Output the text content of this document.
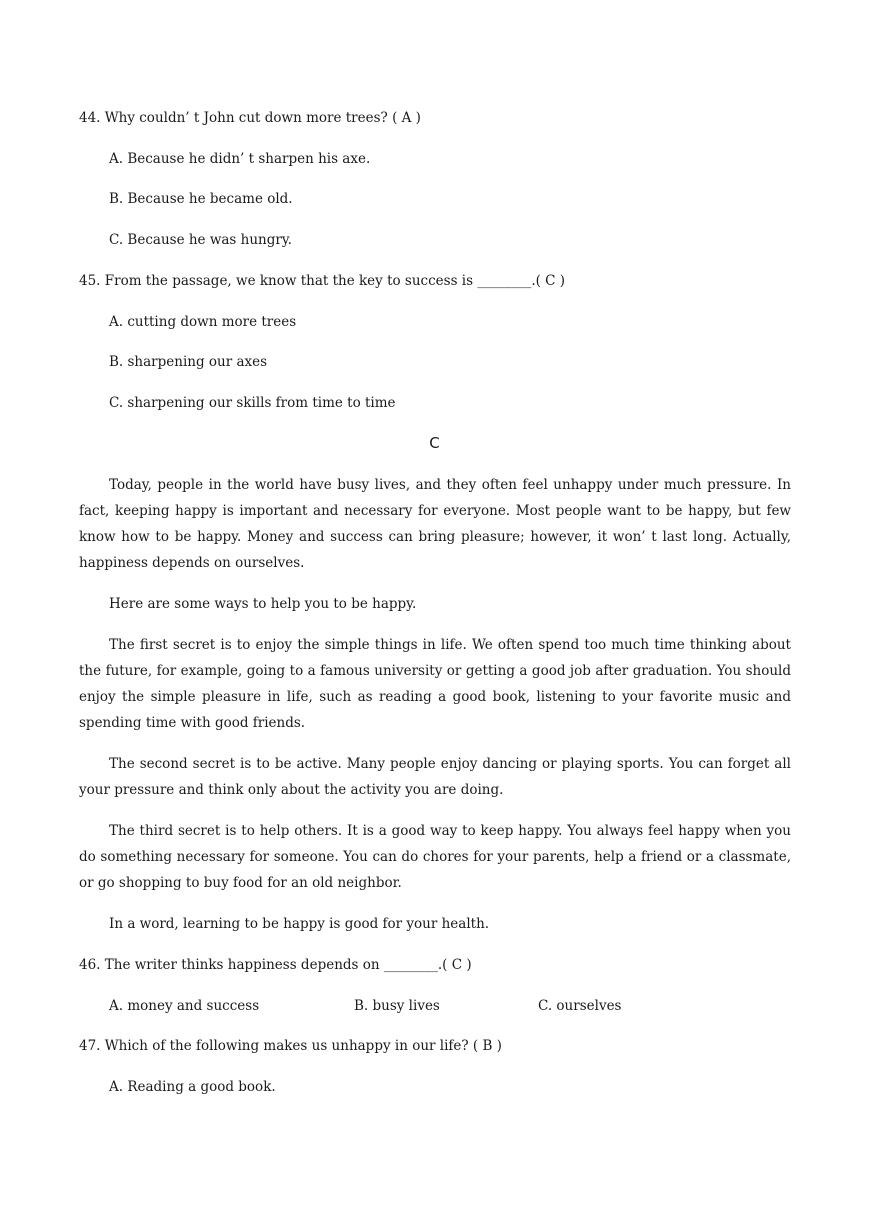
44. Why couldn’ t John cut down more trees? ( A )
A. Because he didn’ t sharpen his axe.
B. Because he became old.
C. Because he was hungry.
45. From the passage, we know that the key to success is ________.( C )
A. cutting down more trees
B. sharpening our axes
C. sharpening our skills from time to time
C
Today, people in the world have busy lives, and they often feel unhappy under much pressure. In fact, keeping happy is important and necessary for everyone. Most people want to be happy, but few know how to be happy. Money and success can bring pleasure; however, it won’ t last long. Actually, happiness depends on ourselves.
Here are some ways to help you to be happy.
The first secret is to enjoy the simple things in life. We often spend too much time thinking about the future, for example, going to a famous university or getting a good job after graduation. You should enjoy the simple pleasure in life, such as reading a good book, listening to your favorite music and spending time with good friends.
The second secret is to be active. Many people enjoy dancing or playing sports. You can forget all your pressure and think only about the activity you are doing.
The third secret is to help others. It is a good way to keep happy. You always feel happy when you do something necessary for someone. You can do chores for your parents, help a friend or a classmate, or go shopping to buy food for an old neighbor.
In a word, learning to be happy is good for your health.
46. The writer thinks happiness depends on ________.( C )
A. money and success	B. busy lives	C. ourselves
47. Which of the following makes us unhappy in our life? ( B )
A. Reading a good book.
